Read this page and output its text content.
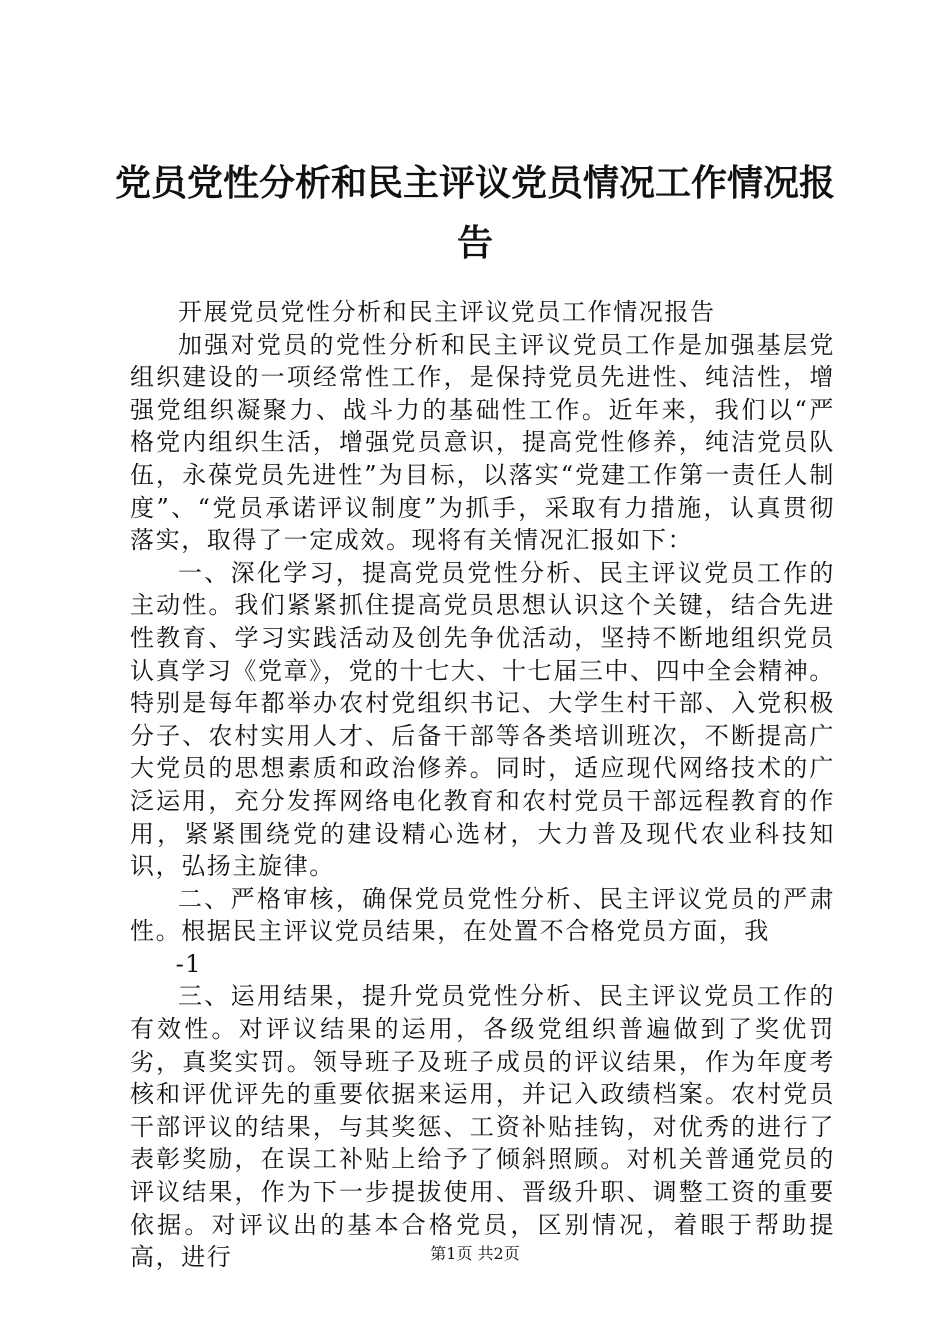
党员党性分析和民主评议党员情况工作情况报告

开展党员党性分析和民主评议党员工作情况报告

加强对党员的党性分析和民主评议党员工作是加强基层党组织建设的一项经常性工作，是保持党员先进性、纯洁性，增强党组织凝聚力、战斗力的基础性工作。近年来，我们以“严格党内组织生活，增强党员意识，提高党性修养，纯洁党员队伍，永葆党员先进性”为目标，以落实“党建工作第一责任人制度”、“党员承诺评议制度”为抓手，采取有力措施，认真贯彻落实，取得了一定成效。现将有关情况汇报如下：

一、深化学习，提高党员党性分析、民主评议党员工作的主动性。我们紧紧抓住提高党员思想认识这个关键，结合先进性教育、学习实践活动及创先争优活动，坚持不断地组织党员认真学习《党章》，党的十七大、十七届三中、四中全会精神。特别是每年都举办农村党组织书记、大学生村干部、入党积极分子、农村实用人才、后备干部等各类培训班次，不断提高广大党员的思想素质和政治修养。同时，适应现代网络技术的广泛运用，充分发挥网络电化教育和农村党员干部远程教育的作用，紧紧围绕党的建设精心选材，大力普及现代农业科技知识，弘扬主旋律。

二、严格审核，确保党员党性分析、民主评议党员的严肃性。根据民主评议党员结果，在处置不合格党员方面，我

-1

三、运用结果，提升党员党性分析、民主评议党员工作的有效性。对评议结果的运用，各级党组织普遍做到了奖优罚劣，真奖实罚。领导班子及班子成员的评议结果，作为年度考核和评优评先的重要依据来运用，并记入政绩档案。农村党员干部评议的结果，与其奖惩、工资补贴挂钩，对优秀的进行了表彰奖励，在误工补贴上给予了倾斜照顾。对机关普通党员的评议结果，作为下一步提拔使用、晋级升职、调整工资的重要依据。对评议出的基本合格党员，区别情况，着眼于帮助提高，进行	第1页 共2页
